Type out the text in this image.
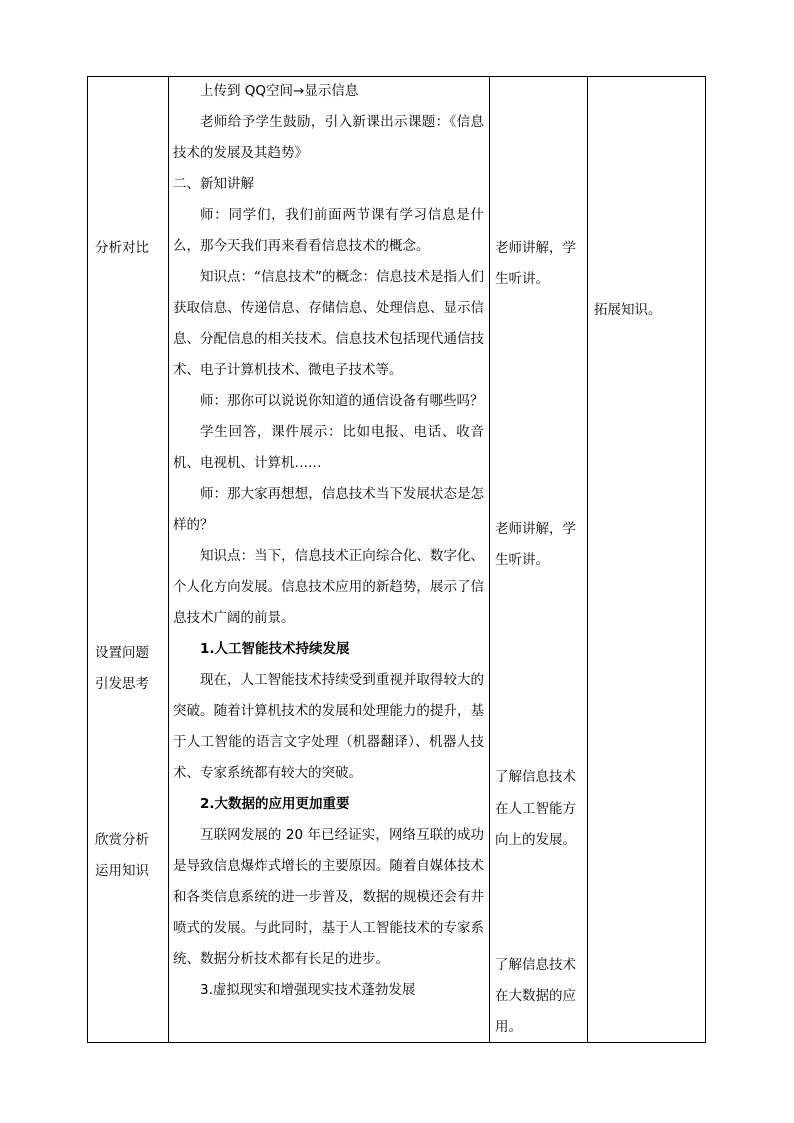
分析对比
设置问题
引发思考
欣赏分析
运用知识

上传到 QQ空间→显示信息

老师给予学生鼓励，引入新课出示课题：《信息技术的发展及其趋势》

二、新知讲解

师：同学们，我们前面两节课有学习信息是什么，那今天我们再来看看信息技术的概念。

知识点：“信息技术”的概念：信息技术是指人们获取信息、传递信息、存储信息、处理信息、显示信息、分配信息的相关技术。信息技术包括现代通信技术、电子计算机技术、微电子技术等。

师：那你可以说说你知道的通信设备有哪些吗？

学生回答，课件展示：比如电报、电话、收音机、电视机、计算机……

师：那大家再想想，信息技术当下发展状态是怎样的？

知识点：当下，信息技术正向综合化、数字化、个人化方向发展。信息技术应用的新趋势，展示了信息技术广阔的前景。

1.人工智能技术持续发展

现在，人工智能技术持续受到重视并取得较大的突破。随着计算机技术的发展和处理能力的提升，基于人工智能的语言文字处理（机器翻译）、机器人技术、专家系统都有较大的突破。

2.大数据的应用更加重要

互联网发展的 20 年已经证实，网络互联的成功是导致信息爆炸式增长的主要原因。随着自媒体技术和各类信息系统的进一步普及，数据的规模还会有井喷式的发展。与此同时，基于人工智能技术的专家系统、数据分析技术都有长足的进步。

3.虚拟现实和增强现实技术蓬勃发展

老师讲解，学
生听讲。
老师讲解，学
生听讲。
了解信息技术
在人工智能方
向上的发展。
了解信息技术
在大数据的应
用。
拓展知识。
